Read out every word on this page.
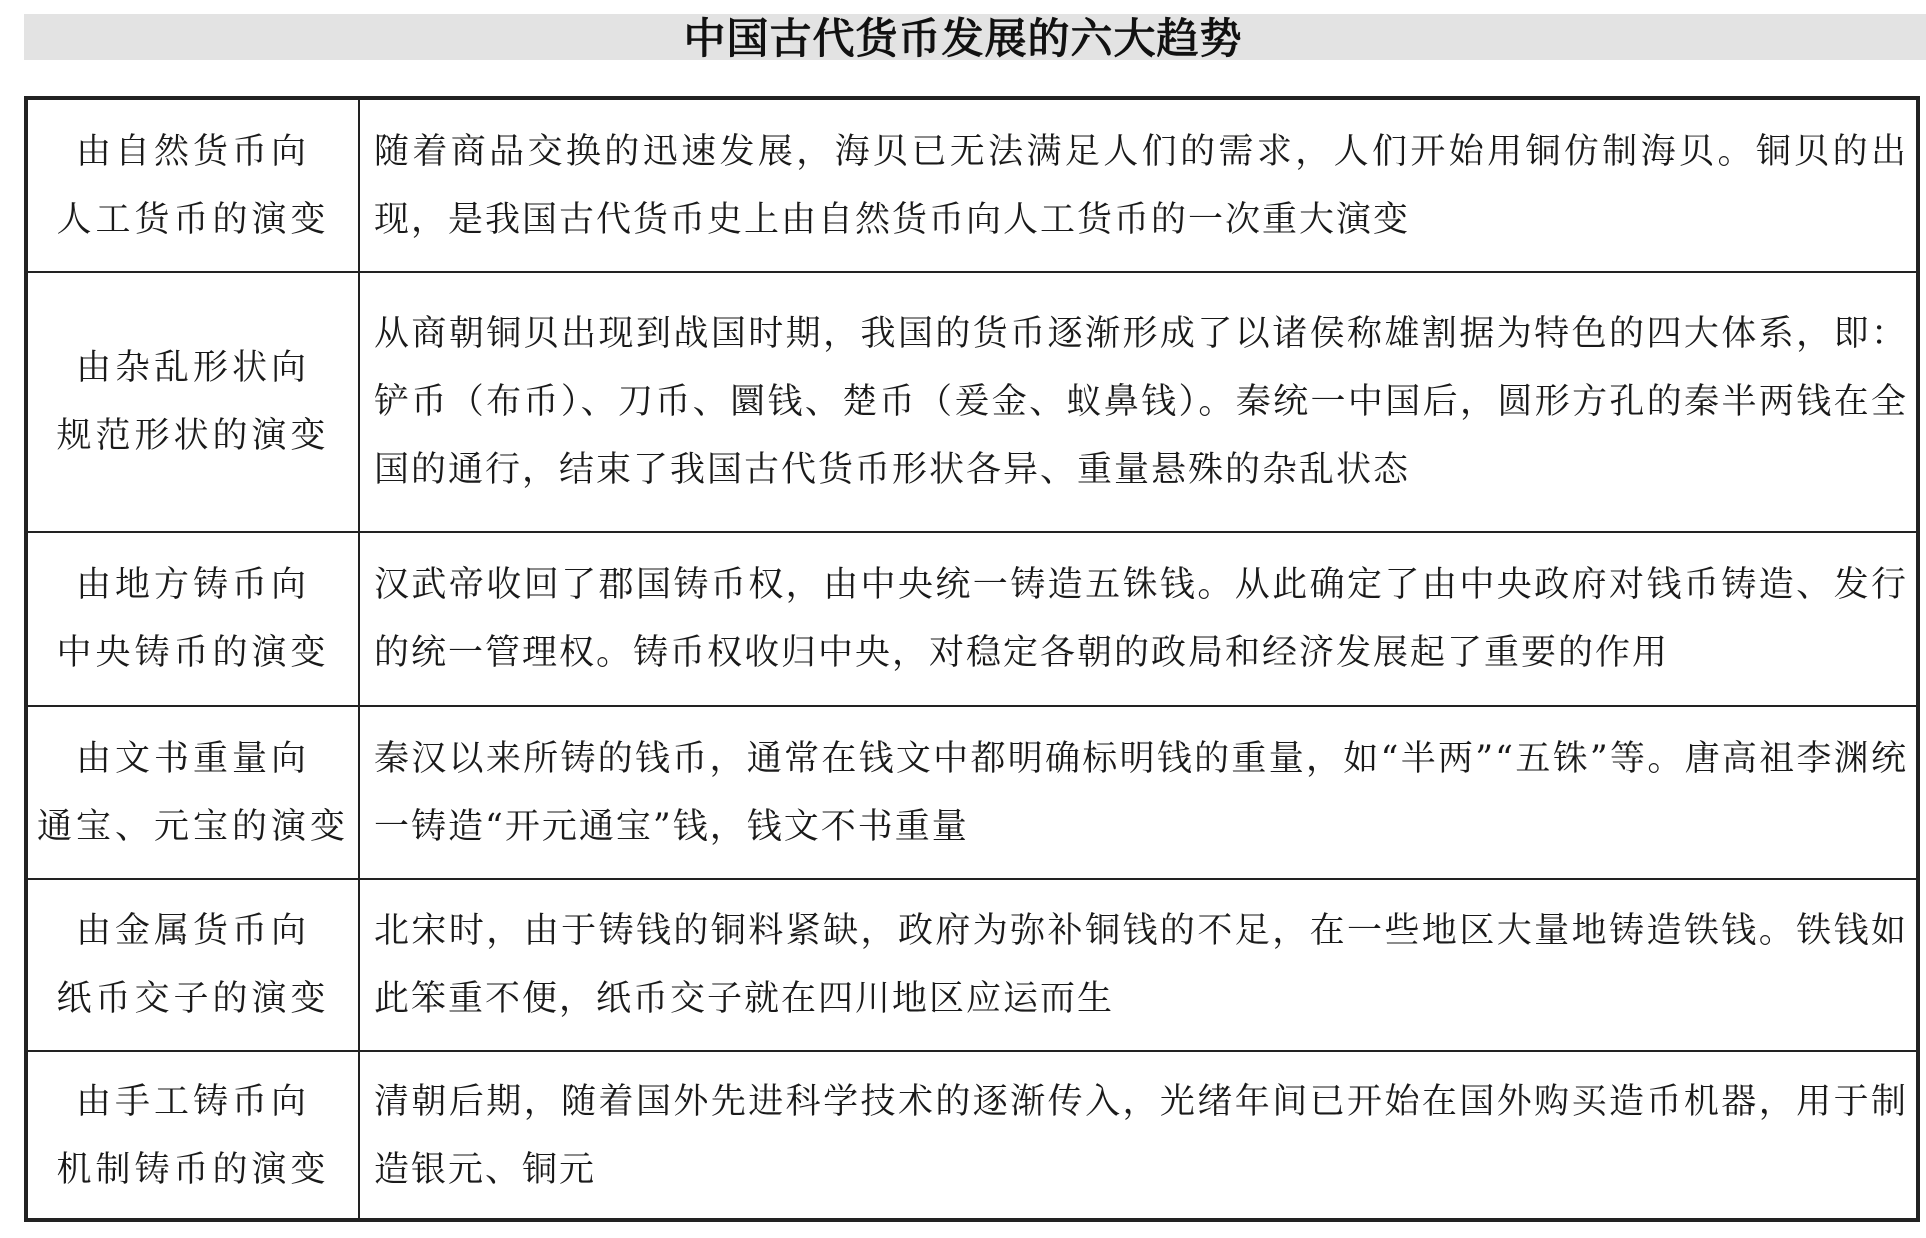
中国古代货币发展的六大趋势
由自然货币向
人工货币的演变	随着商品交换的迅速发展，海贝已无法满足人们的需求，人们开始用铜仿制海贝。铜贝的出现，是我国古代货币史上由自然货币向人工货币的一次重大演变

由杂乱形状向
规范形状的演变	从商朝铜贝出现到战国时期，我国的货币逐渐形成了以诸侯称雄割据为特色的四大体系，即：铲币（布币）、刀币、圜钱、楚币（爰金、蚁鼻钱）。秦统一中国后，圆形方孔的秦半两钱在全国的通行，结束了我国古代货币形状各异、重量悬殊的杂乱状态

由地方铸币向
中央铸币的演变	汉武帝收回了郡国铸币权，由中央统一铸造五铢钱。从此确定了由中央政府对钱币铸造、发行的统一管理权。铸币权收归中央，对稳定各朝的政局和经济发展起了重要的作用

由文书重量向
通宝、元宝的演变	秦汉以来所铸的钱币，通常在钱文中都明确标明钱的重量，如“半两”“五铢”等。唐高祖李渊统一铸造“开元通宝”钱，钱文不书重量

由金属货币向
纸币交子的演变	北宋时，由于铸钱的铜料紧缺，政府为弥补铜钱的不足，在一些地区大量地铸造铁钱。铁钱如此笨重不便，纸币交子就在四川地区应运而生

由手工铸币向
机制铸币的演变	清朝后期，随着国外先进科学技术的逐渐传入，光绪年间已开始在国外购买造币机器，用于制造银元、铜元
